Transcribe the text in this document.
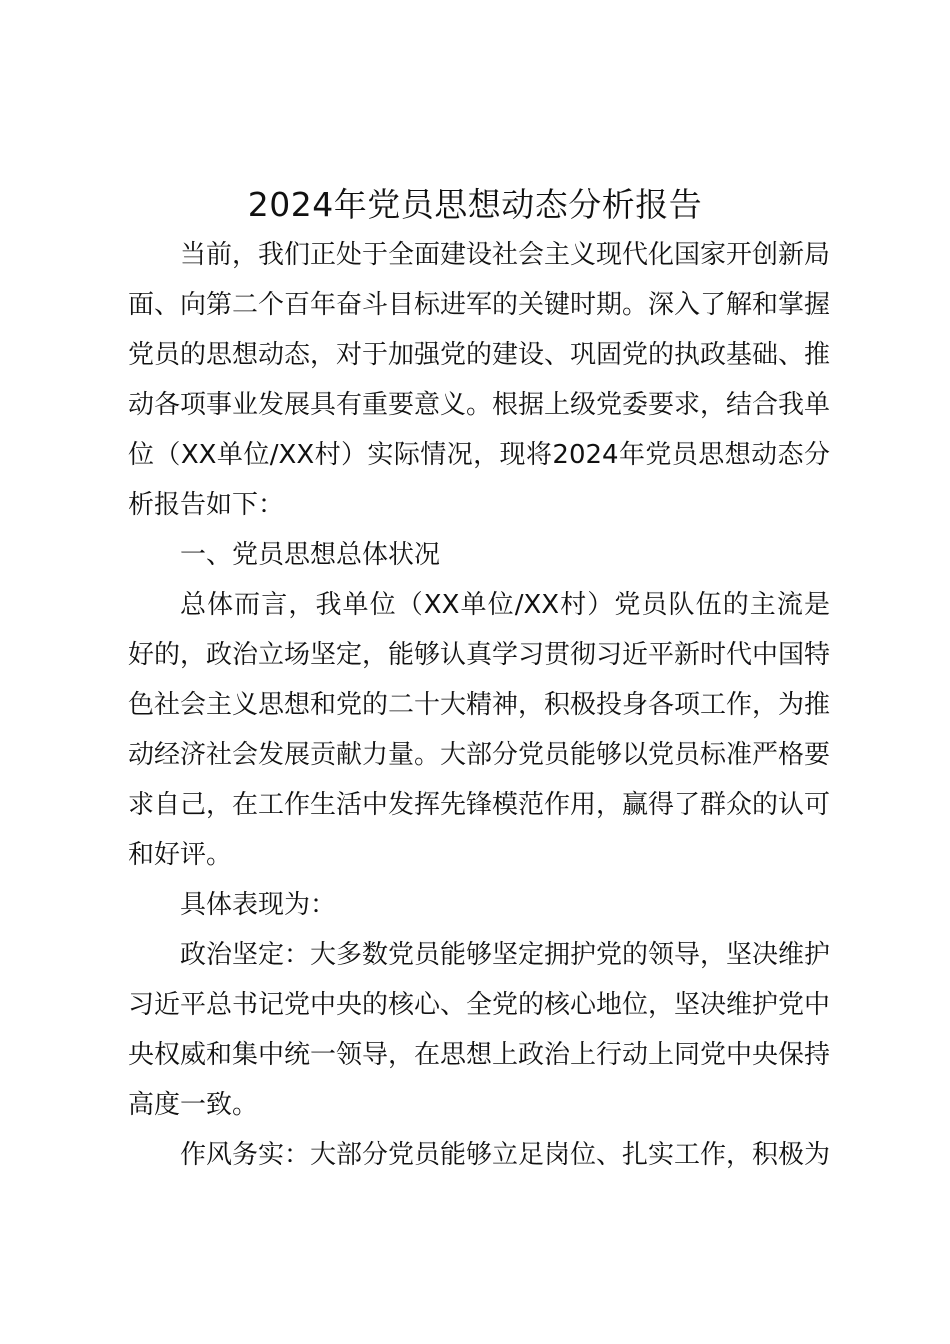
2024年党员思想动态分析报告

当前，我们正处于全面建设社会主义现代化国家开创新局面、向第二个百年奋斗目标进军的关键时期。深入了解和掌握党员的思想动态，对于加强党的建设、巩固党的执政基础、推动各项事业发展具有重要意义。根据上级党委要求，结合我单位（XX单位/XX村）实际情况，现将2024年党员思想动态分析报告如下：

一、党员思想总体状况

总体而言，我单位（XX单位/XX村）党员队伍的主流是好的，政治立场坚定，能够认真学习贯彻习近平新时代中国特色社会主义思想和党的二十大精神，积极投身各项工作，为推动经济社会发展贡献力量。大部分党员能够以党员标准严格要求自己，在工作生活中发挥先锋模范作用，赢得了群众的认可和好评。

具体表现为：

政治坚定：大多数党员能够坚定拥护党的领导，坚决维护习近平总书记党中央的核心、全党的核心地位，坚决维护党中央权威和集中统一领导，在思想上政治上行动上同党中央保持高度一致。

作风务实：大部分党员能够立足岗位、扎实工作，积极为
